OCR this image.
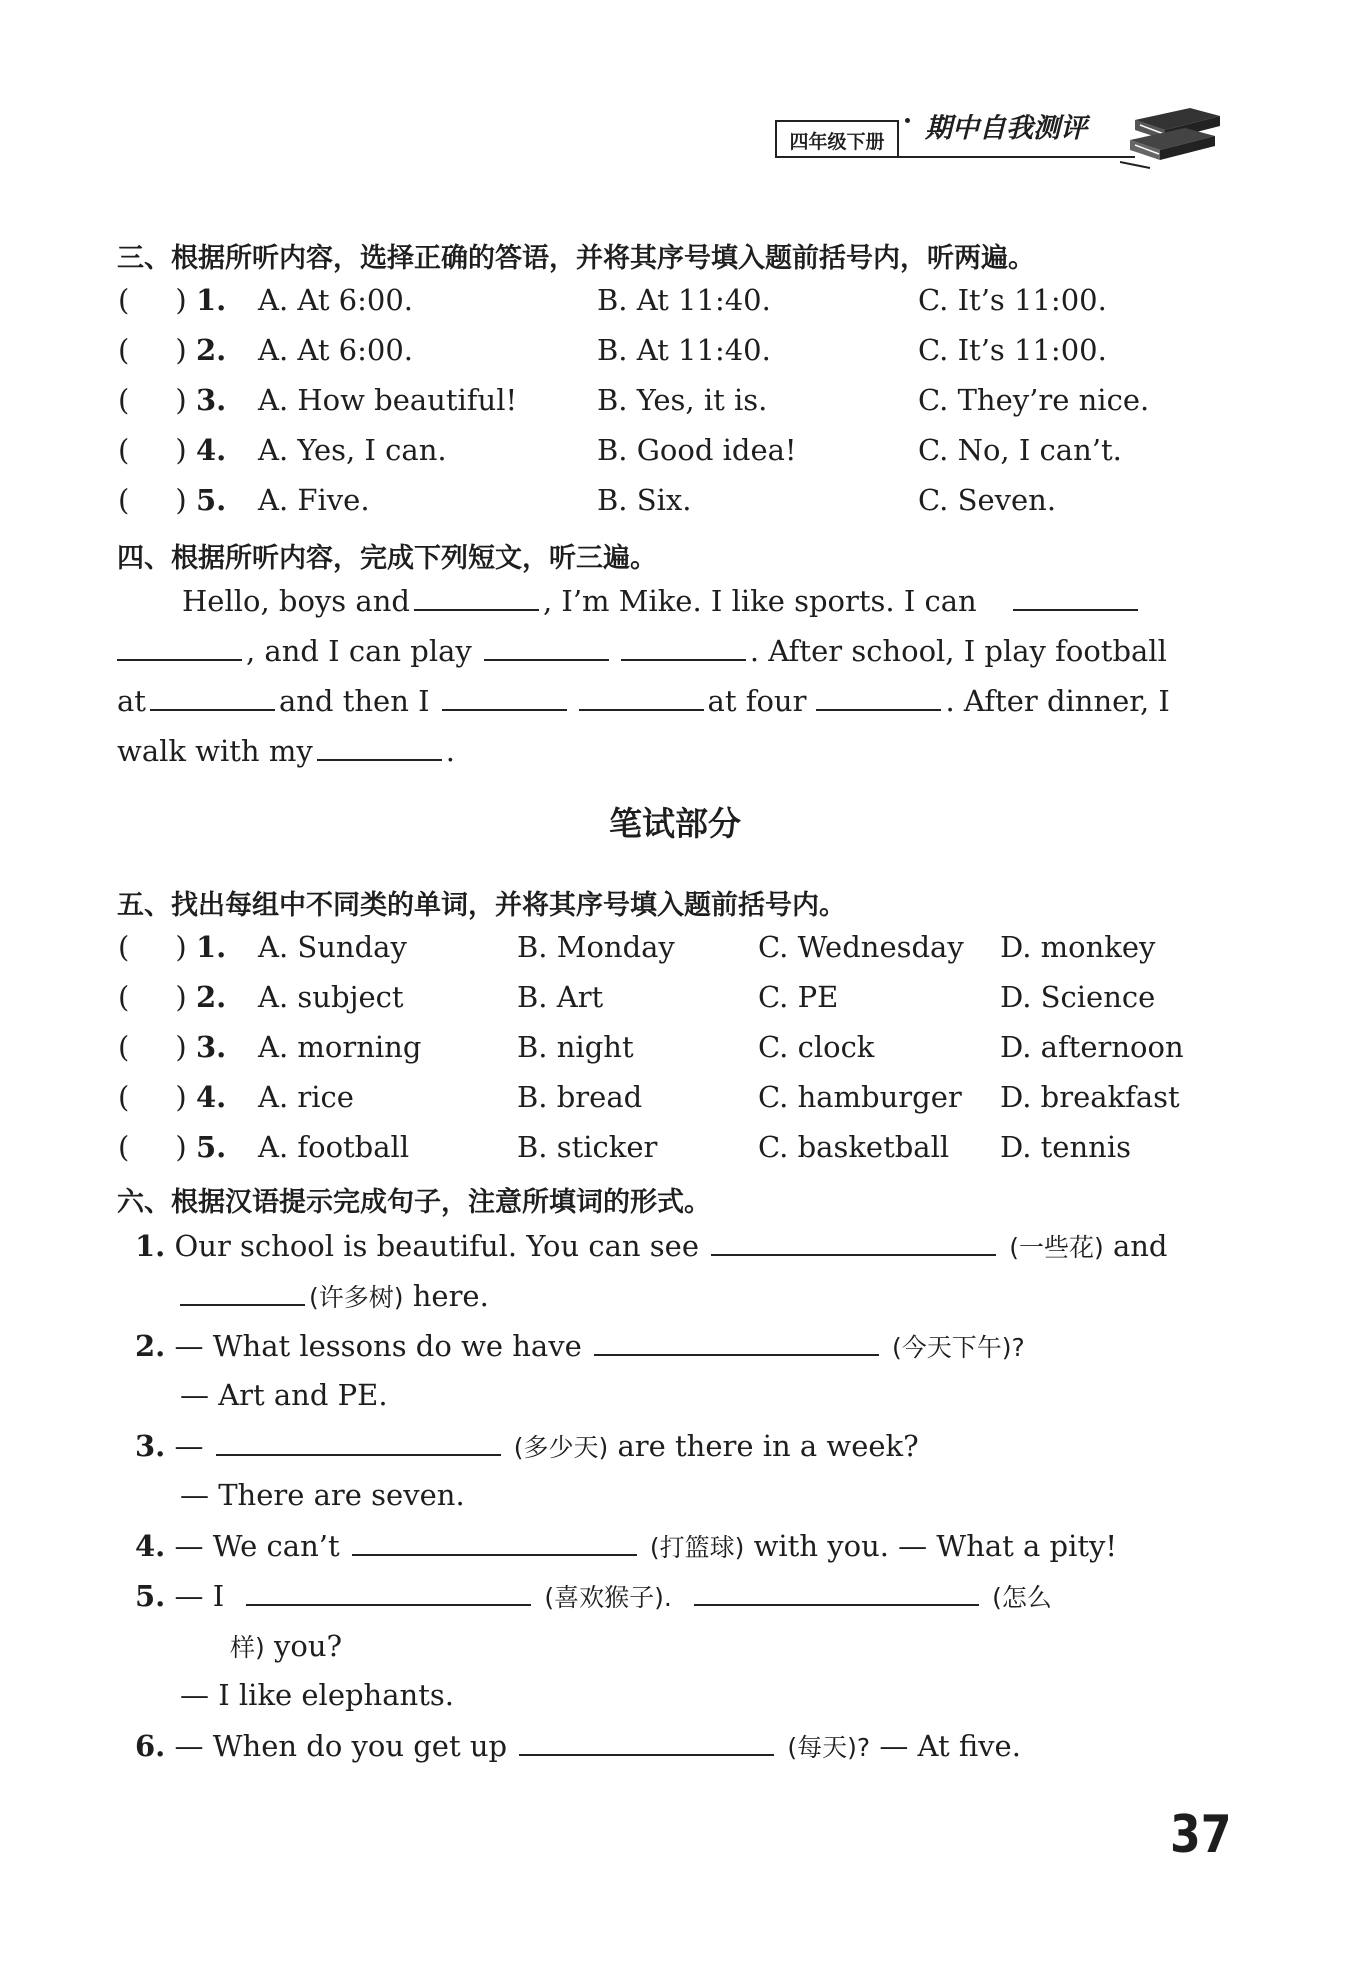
四年级下册	期中自我测评
三、根据所听内容，选择正确的答语，并将其序号填入题前括号内，听两遍。
(     ) 1. A. At 6:00.	B. At 11:40.	C. It’s 11:00.
(     ) 2. A. At 6:00.	B. At 11:40.	C. It’s 11:00.
(     ) 3. A. How beautiful!	B. Yes, it is.	C. They’re nice.
(     ) 4. A. Yes, I can.	B. Good idea!	C. No, I can’t.
(     ) 5. A. Five.	B. Six.	C. Seven.
四、根据所听内容，完成下列短文，听三遍。
Hello, boys and	, I’m Mike. I like sports. I can
, and I can play	. After school, I play football
at	and then I	at four	. After dinner, I
walk with my	.
笔试部分
五、找出每组中不同类的单词，并将其序号填入题前括号内。
(     ) 1. A. Sunday	B. Monday	C. Wednesday D. monkey
(     ) 2. A. subject	B. Art	C. PE	D. Science
(     ) 3. A. morning	B. night	C. clock	D. afternoon
(     ) 4. A. rice	B. bread	C. hamburger D. breakfast
(     ) 5. A. football	B. sticker	C. basketball D. tennis
六、根据汉语提示完成句子，注意所填词的形式。
1. Our school is beautiful. You can see	(一些花) and
(许多树) here.
2. — What lessons do we have	(今天下午)?
— Art and PE.
3. —	(多少天) are there in a week?
— There are seven.
4. — We can’t	(打篮球) with you. — What a pity!
5. — I	(喜欢猴子).	(怎么
样) you?
— I like elephants.
6. — When do you get up	(每天)? — At five.
37
